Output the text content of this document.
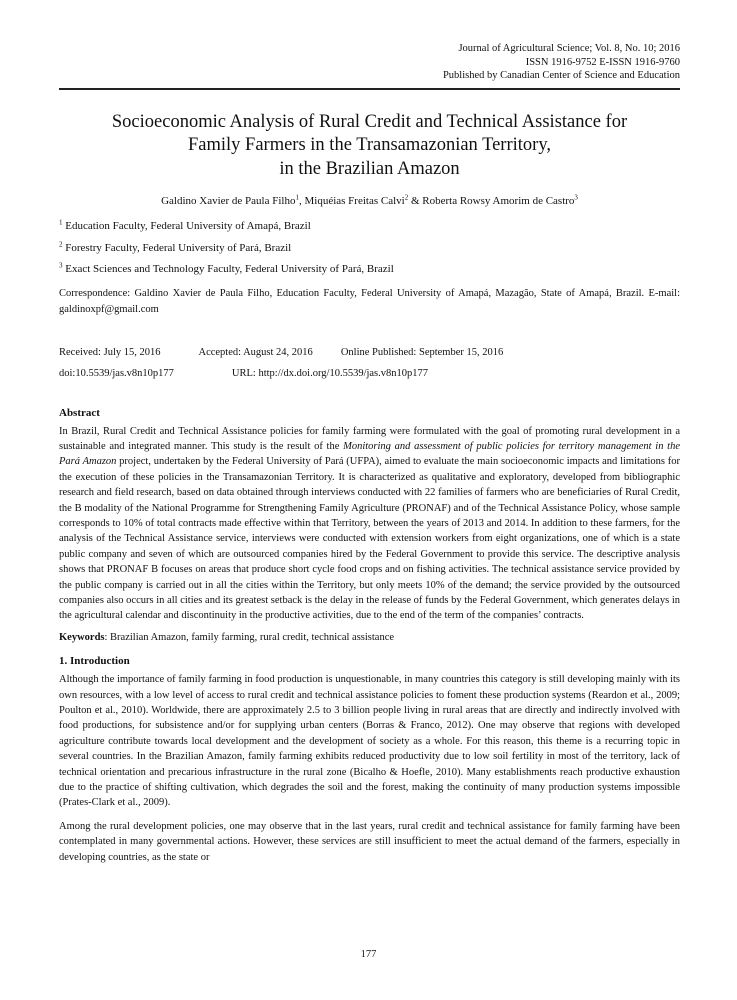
Journal of Agricultural Science; Vol. 8, No. 10; 2016
ISSN 1916-9752 E-ISSN 1916-9760
Published by Canadian Center of Science and Education
Socioeconomic Analysis of Rural Credit and Technical Assistance for
Family Farmers in the Transamazonian Territory,
in the Brazilian Amazon
Galdino Xavier de Paula Filho$^1$, Miquéias Freitas Calvi$^2$ & Roberta Rowsy Amorim de Castro$^3$
$^1$ Education Faculty, Federal University of Amapá, Brazil
$^2$ Forestry Faculty, Federal University of Pará, Brazil
$^3$ Exact Sciences and Technology Faculty, Federal University of Pará, Brazil
Correspondence: Galdino Xavier de Paula Filho, Education Faculty, Federal University of Amapá, Mazagão, State of Amapá, Brazil. E-mail: galdinoxpf@gmail.com
Received: July 15, 2016	Accepted: August 24, 2016	Online Published: September 15, 2016
doi:10.5539/jas.v8n10p177	URL: http://dx.doi.org/10.5539/jas.v8n10p177
Abstract
In Brazil, Rural Credit and Technical Assistance policies for family farming were formulated with the goal of promoting rural development in a sustainable and integrated manner. This study is the result of the Monitoring and assessment of public policies for territory management in the Pará Amazon project, undertaken by the Federal University of Pará (UFPA), aimed to evaluate the main socioeconomic impacts and limitations for the execution of these policies in the Transamazonian Territory. It is characterized as qualitative and exploratory, developed from bibliographic research and field research, based on data obtained through interviews conducted with 22 families of farmers who are beneficiaries of Rural Credit, the B modality of the National Programme for Strengthening Family Agriculture (PRONAF) and of the Technical Assistance Policy, whose sample corresponds to 10% of total contracts made effective within that Territory, between the years of 2013 and 2014. In addition to these farmers, for the analysis of the Technical Assistance service, interviews were conducted with extension workers from eight organizations, one of which is a state public company and seven of which are outsourced companies hired by the Federal Government to provide this service. The descriptive analysis shows that PRONAF B focuses on areas that produce short cycle food crops and on fishing activities. The technical assistance service provided by the public company is carried out in all the cities within the Territory, but only meets 10% of the demand; the service provided by the outsourced companies also occurs in all cities and its greatest setback is the delay in the release of funds by the Federal Government, which generates delays in the agricultural calendar and discontinuity in the productive activities, due to the end of the term of the companies’ contracts.
Keywords: Brazilian Amazon, family farming, rural credit, technical assistance
1. Introduction
Although the importance of family farming in food production is unquestionable, in many countries this category is still developing mainly with its own resources, with a low level of access to rural credit and technical assistance policies to foment these production systems (Reardon et al., 2009; Poulton et al., 2010). Worldwide, there are approximately 2.5 to 3 billion people living in rural areas that are directly and indirectly involved with food productions, for subsistence and/or for supplying urban centers (Borras & Franco, 2012). One may observe that regions with developed agriculture contribute towards local development and the development of society as a whole. For this reason, this theme is a recurring topic in several countries. In the Brazilian Amazon, family farming exhibits reduced productivity due to low soil fertility in most of the territory, lack of technical orientation and precarious infrastructure in the rural zone (Bicalho & Hoefle, 2010). Many establishments reach productive exhaustion due to the practice of shifting cultivation, which degrades the soil and the forest, making the continuity of many production systems impossible (Prates-Clark et al., 2009).
Among the rural development policies, one may observe that in the last years, rural credit and technical assistance for family farming have been contemplated in many governmental actions. However, these services are still insufficient to meet the actual demand of the farmers, especially in developing countries, as the state or
177
